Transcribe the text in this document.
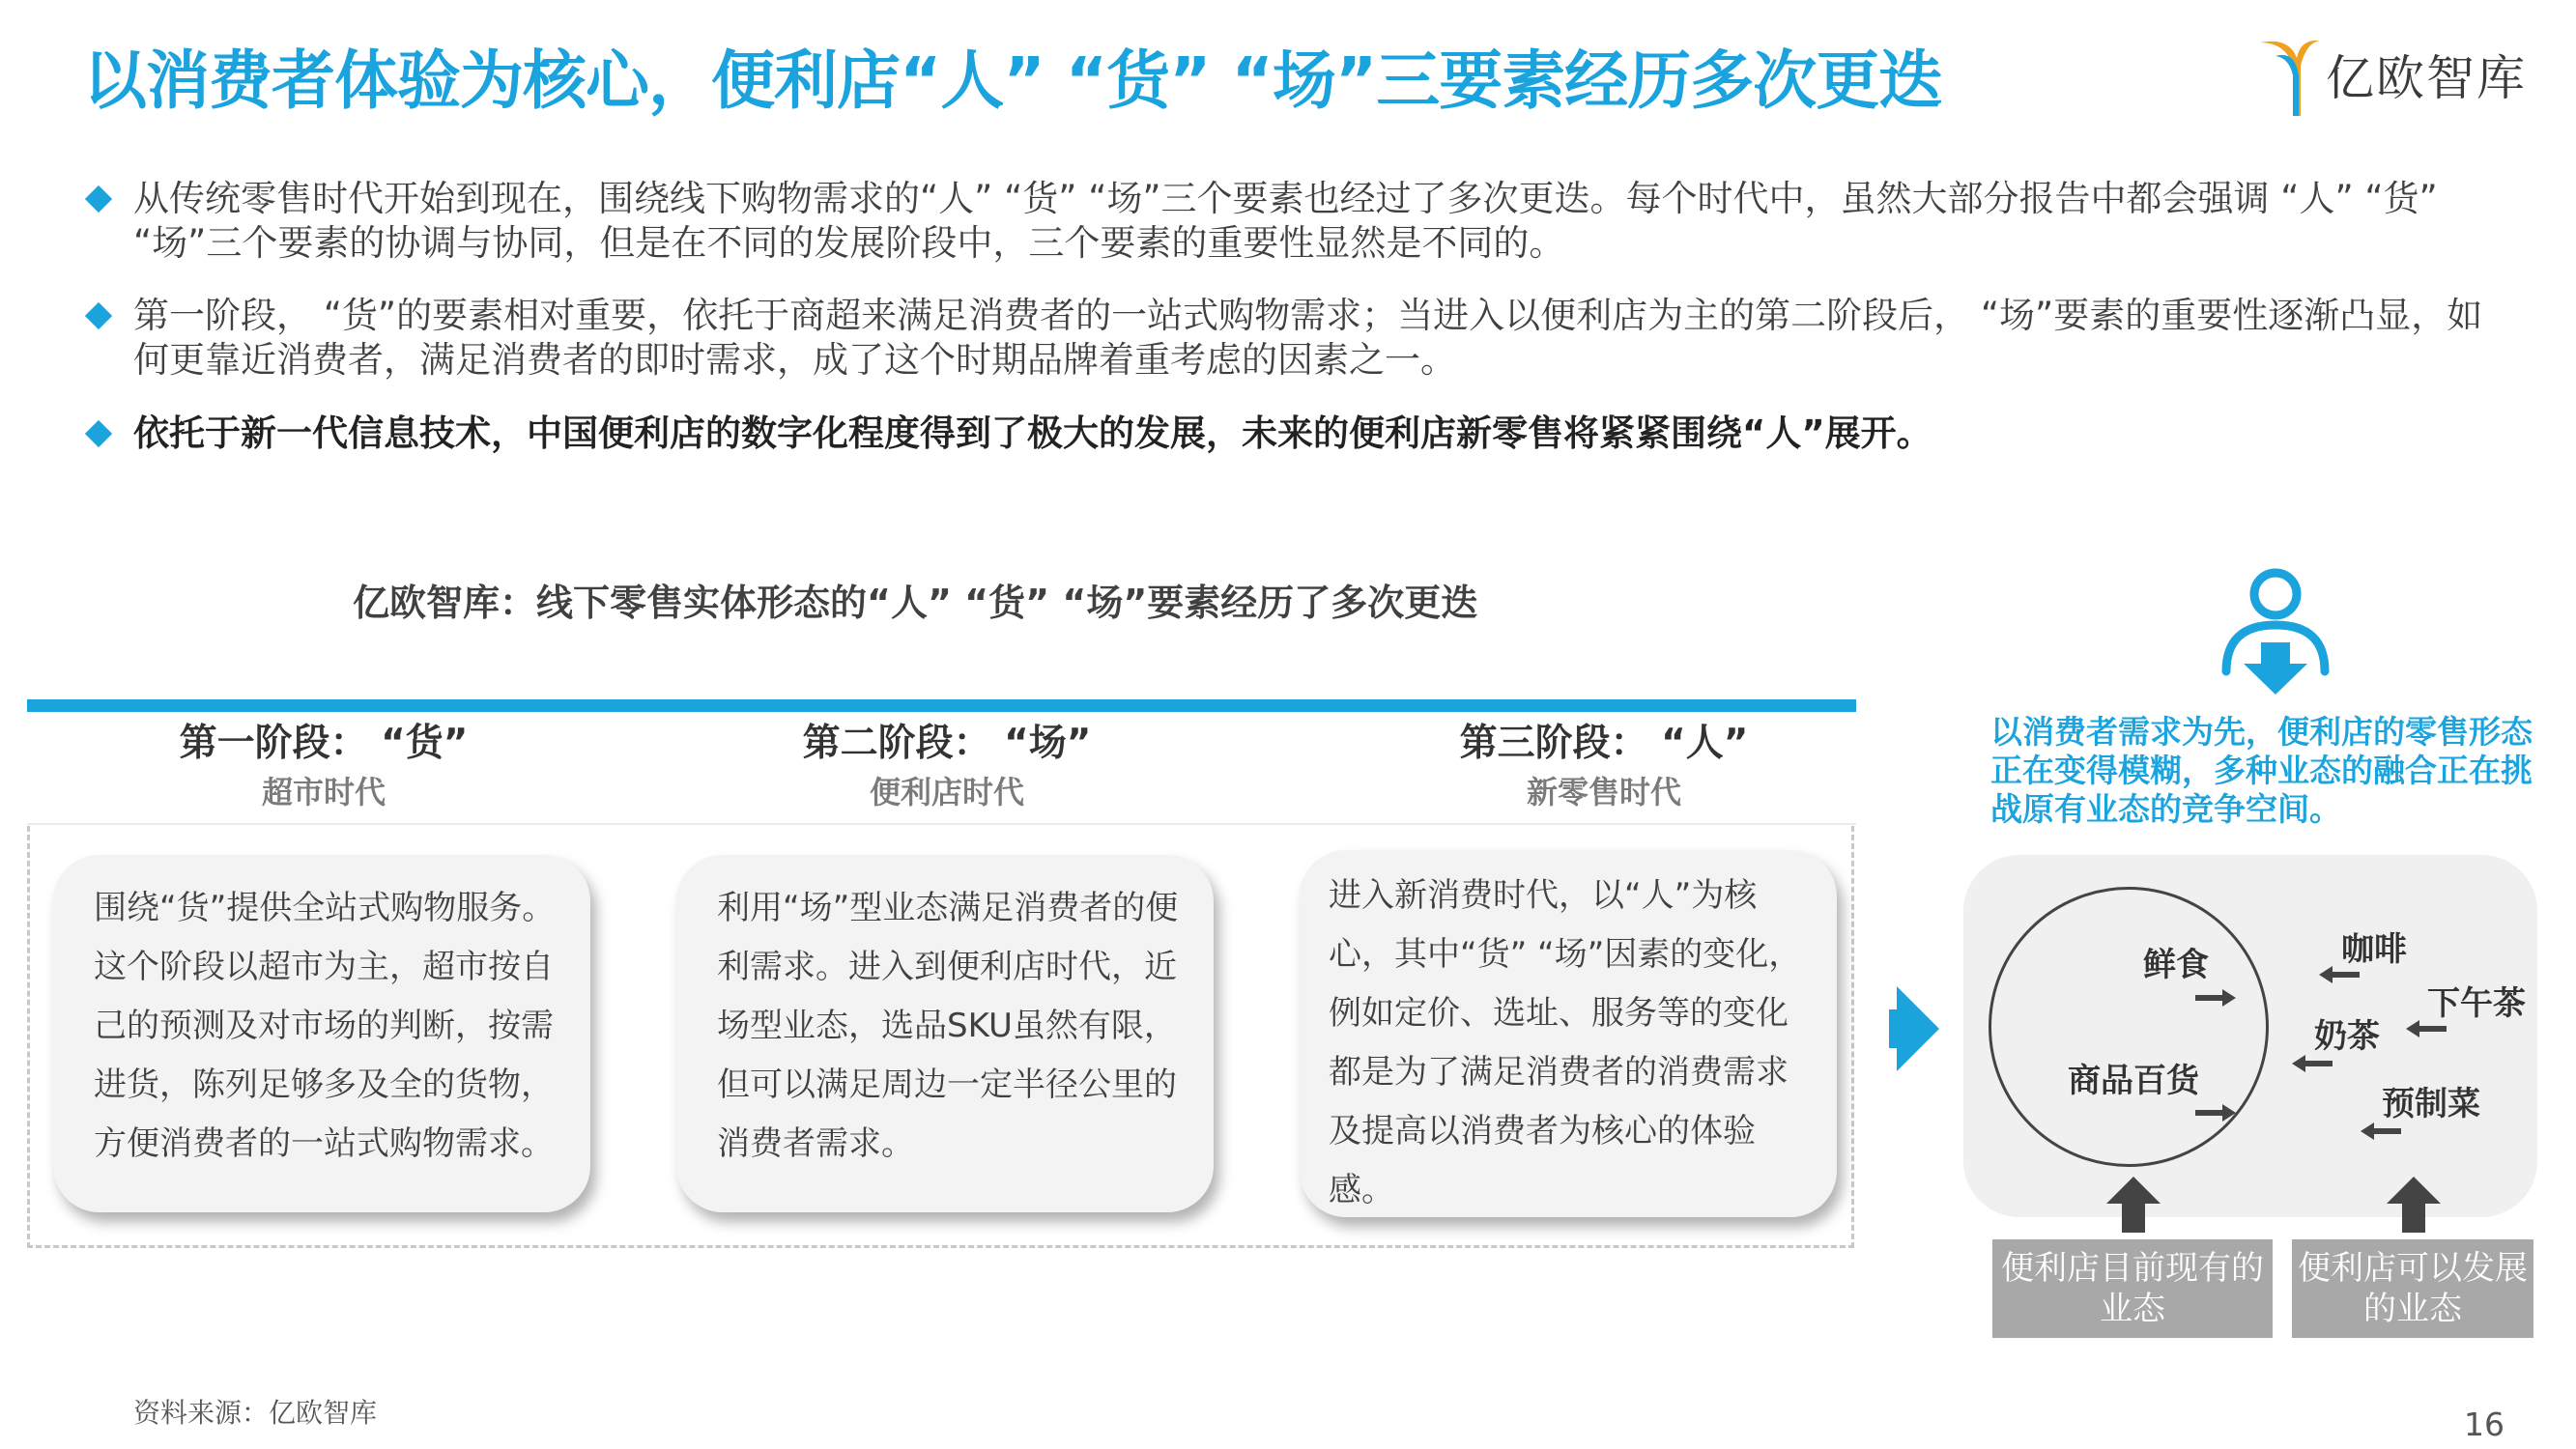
以消费者体验为核心，便利店“人” “货” “场”三要素经历多次更迭	亿欧智库
从传统零售时代开始到现在，围绕线下购物需求的“人” “货” “场”三个要素也经过了多次更迭。每个时代中，虽然大部分报告中都会强调 “人” “货” “场”三个要素的协调与协同，但是在不同的发展阶段中，三个要素的重要性显然是不同的。
第一阶段， “货”的要素相对重要，依托于商超来满足消费者的一站式购物需求；当进入以便利店为主的第二阶段后， “场”要素的重要性逐渐凸显，如何更靠近消费者，满足消费者的即时需求，成了这个时期品牌着重考虑的因素之一。
依托于新一代信息技术，中国便利店的数字化程度得到了极大的发展，未来的便利店新零售将紧紧围绕“人”展开。
亿欧智库：线下零售实体形态的“人” “货” “场”要素经历了多次更迭
第一阶段： “货”
超市时代
第二阶段： “场”
便利店时代
第三阶段： “人”
新零售时代
围绕“货”提供全站式购物服务。这个阶段以超市为主，超市按自己的预测及对市场的判断，按需进货，陈列足够多及全的货物，方便消费者的一站式购物需求。
利用“场”型业态满足消费者的便利需求。进入到便利店时代，近场型业态，选品SKU虽然有限，但可以满足周边一定半径公里的消费者需求。
进入新消费时代，以“人”为核心，其中“货” “场”因素的变化，例如定价、选址、服务等的变化都是为了满足消费者的消费需求及提高以消费者为核心的体验感。
以消费者需求为先，便利店的零售形态正在变得模糊，多种业态的融合正在挑战原有业态的竞争空间。
鲜食
商品百货
咖啡
下午茶
奶茶
预制菜
便利店目前现有的业态
便利店可以发展的业态
资料来源：亿欧智库	16
